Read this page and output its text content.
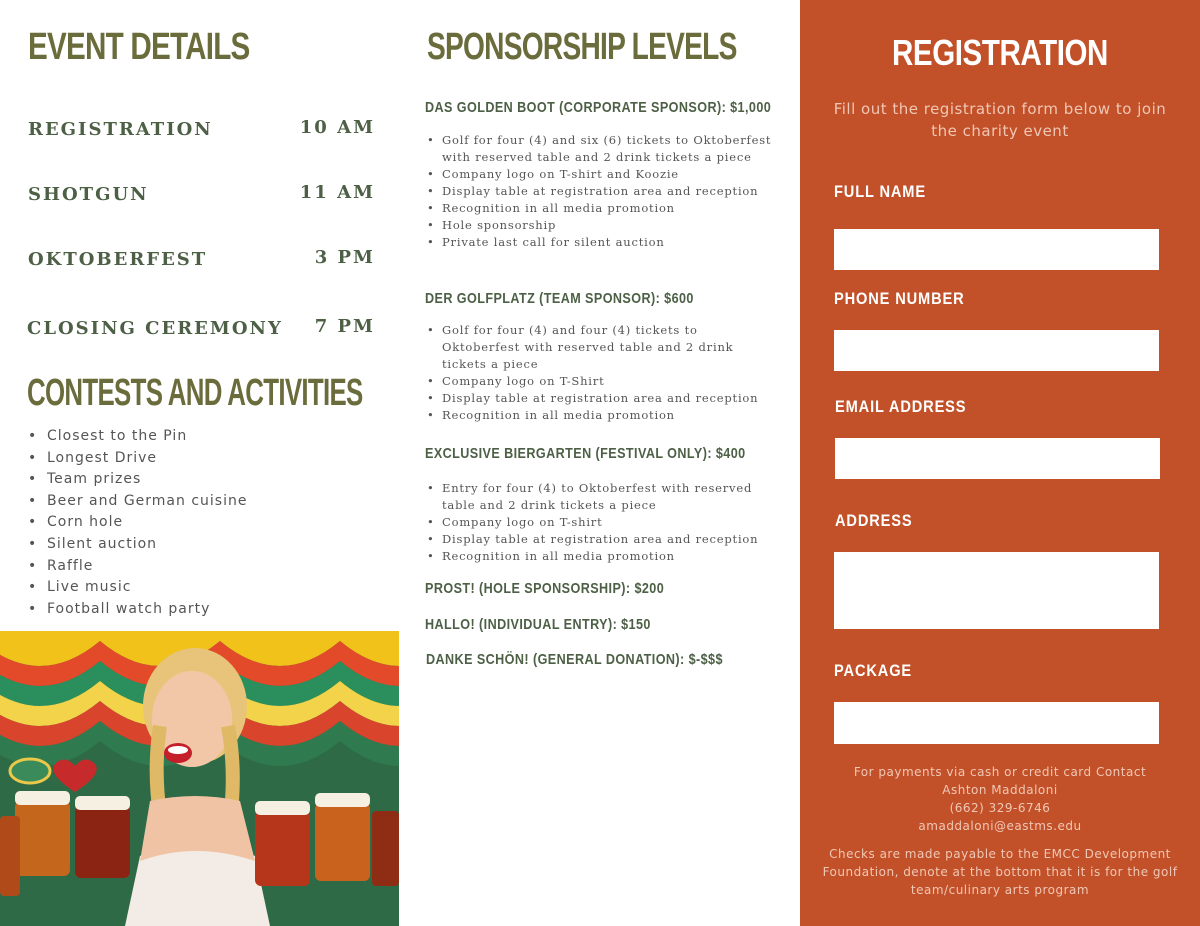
EVENT DETAILS
REGISTRATION	10 AM
SHOTGUN	11 AM
OKTOBERFEST	3 PM
CLOSING CEREMONY	7 PM
CONTESTS AND ACTIVITIES
• Closest to the Pin
• Longest Drive
• Team prizes
• Beer and German cuisine
• Corn hole
• Silent auction
• Raffle
• Live music
• Football watch party
SPONSORSHIP LEVELS
DAS GOLDEN BOOT (CORPORATE SPONSOR): $1,000
• Golf for four (4) and six (6) tickets to Oktoberfest with reserved table and 2 drink tickets a piece
• Company logo on T-shirt and Koozie
• Display table at registration area and reception
• Recognition in all media promotion
• Hole sponsorship
• Private last call for silent auction
DER GOLFPLATZ (TEAM SPONSOR): $600
• Golf for four (4) and four (4) tickets to Oktoberfest with reserved table and 2 drink tickets a piece
• Company logo on T-Shirt
• Display table at registration area and reception
• Recognition in all media promotion
EXCLUSIVE BIERGARTEN (FESTIVAL ONLY): $400
• Entry for four (4) to Oktoberfest with reserved table and 2 drink tickets a piece
• Company logo on T-shirt
• Display table at registration area and reception
• Recognition in all media promotion
PROST! (HOLE SPONSORSHIP): $200
HALLO! (INDIVIDUAL ENTRY): $150
DANKE SCHÖN! (GENERAL DONATION): $-$$$
REGISTRATION
Fill out the registration form below to join the charity event
FULL NAME
PHONE NUMBER
EMAIL ADDRESS
ADDRESS
PACKAGE
For payments via cash or credit card Contact
Ashton Maddaloni
(662) 329-6746
amaddaloni@eastms.edu
Checks are made payable to the EMCC Development Foundation, denote at the bottom that it is for the golf team/culinary arts program
